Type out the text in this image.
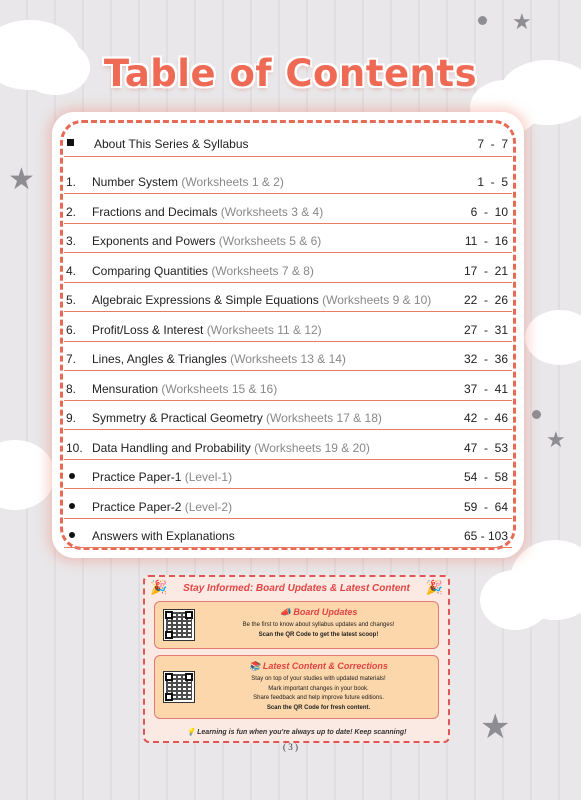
★
★
★
★
Table of Contents
About This Series & Syllabus	7  -  7
1. Number System (Worksheets 1 & 2)	1  -  5
2. Fractions and Decimals (Worksheets 3 & 4)	6  -  10
3. Exponents and Powers (Worksheets 5 & 6)	11  -  16
4. Comparing Quantities (Worksheets 7 & 8)	17  -  21
5. Algebraic Expressions & Simple Equations (Worksheets 9 & 10)	22  -  26
6. Profit/Loss & Interest (Worksheets 11 & 12)	27  -  31
7. Lines, Angles & Triangles (Worksheets 13 & 14)	32  -  36
8. Mensuration (Worksheets 15 & 16)	37  -  41
9. Symmetry & Practical Geometry (Worksheets 17 & 18)	42  -  46
10. Data Handling and Probability (Worksheets 19 & 20)	47  -  53
Practice Paper-1 (Level-1)	54  -  58
Practice Paper-2 (Level-2)	59  -  64
Answers with Explanations	65 - 103
🎉	🎉
Stay Informed: Board Updates & Latest Content
📣 Board Updates
Be the first to know about syllabus updates and changes!
Scan the QR Code to get the latest scoop!
📚 Latest Content & Corrections
Stay on top of your studies with updated materials!
Mark important changes in your book.
Share feedback and help improve future editions.
Scan the QR Code for fresh content.
💡 Learning is fun when you're always up to date! Keep scanning!
( 3 )
